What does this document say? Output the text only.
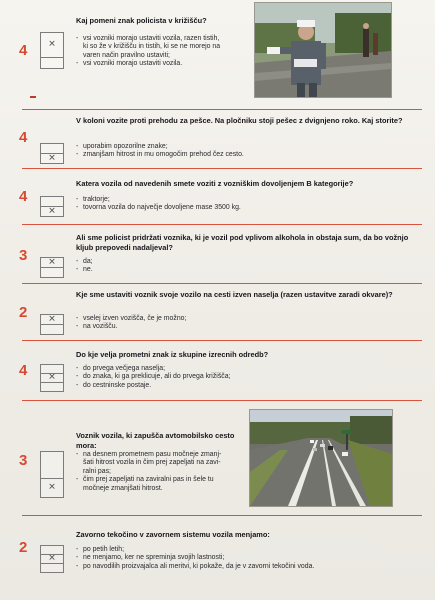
4
Kaj pomeni znak policista v križišču?
✕
- vsi vozniki morajo ustaviti vozila, razen tistih,
ki so že v križišču in tistih, ki se ne morejo na
varen način pravilno ustaviti;
- vsi vozniki morajo ustaviti vozila.
4
V koloni vozite proti prehodu za pešce. Na pločniku stoji pešec z dvignjeno roko. Kaj storite?
✕
- uporabim opozorilne znake;
- zmanjšam hitrost in mu omogočim prehod čez cesto.
4
Katera vozila od navedenih smete voziti z vozniškim dovoljenjem B kategorije?
✕
- traktorje;
- tovorna vozila do največje dovoljene mase 3500 kg.
3
Ali sme policist pridržati voznika, ki je vozil pod vplivom alkohola in obstaja sum, da bo vožnjo kljub prepovedi nadaljeval?
✕	- da;
- ne.
2
Kje sme ustaviti voznik svoje vozilo na cesti izven naselja (razen ustavitve zaradi okvare)?
✕	- vselej izven vozišča, če je možno;
- na vozišču.
4
Do kje velja prometni znak iz skupine izrecnih odredb?
✕
- do prvega večjega naselja;
- do znaka, ki ga preklicuje, ali do prvega križišča;
- do cestninske postaje.
3
Voznik vozila, ki zapušča avtomobilsko cesto mora:
✕
- na desnem prometnem pasu močneje zmanj-
šati hitrost vozila in čim prej zapeljati na zavi-
ralni pas;
- čim prej zapeljati na zaviralni pas in šele tu
močneje zmanjšati hitrost.
2
Zavorno tekočino v zavornem sistemu vozila menjamo:
✕
- po petih letih;
- ne menjamo, ker ne spreminja svojih lastnosti;
- po navodilih proizvajalca ali meritvi, ki pokaže, da je v zavorni tekočini voda.
